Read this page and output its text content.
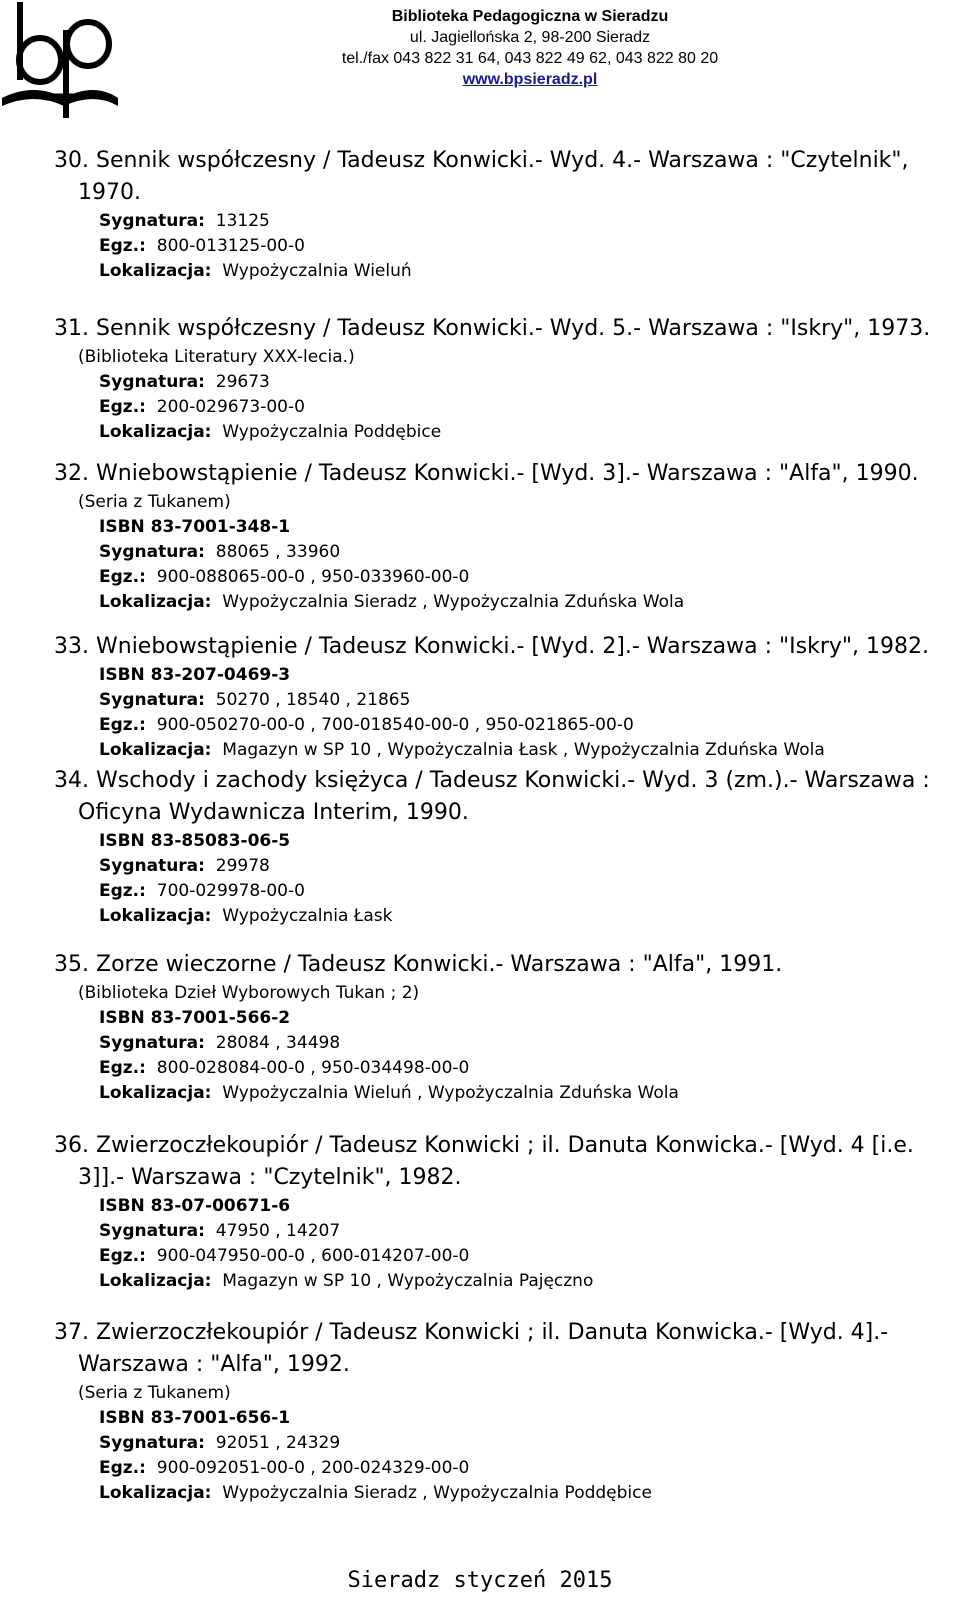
Biblioteka Pedagogiczna w Sieradzu
ul. Jagiellońska 2, 98-200 Sieradz
tel./fax 043 822 31 64, 043 822 49 62, 043 822 80 20
www.bpsieradz.pl
30. Sennik współczesny / Tadeusz Konwicki.- Wyd. 4.- Warszawa : "Czytelnik", 1970.
Sygnatura: 13125
Egz.: 800-013125-00-0
Lokalizacja: Wypożyczalnia Wieluń
31. Sennik współczesny / Tadeusz Konwicki.- Wyd. 5.- Warszawa : "Iskry", 1973.
(Biblioteka Literatury XXX-lecia.)
Sygnatura: 29673
Egz.: 200-029673-00-0
Lokalizacja: Wypożyczalnia Poddębice
32. Wniebowstąpienie / Tadeusz Konwicki.- [Wyd. 3].- Warszawa : "Alfa", 1990.
(Seria z Tukanem)
ISBN 83-7001-348-1
Sygnatura: 88065 , 33960
Egz.: 900-088065-00-0 , 950-033960-00-0
Lokalizacja: Wypożyczalnia Sieradz , Wypożyczalnia Zduńska Wola
33. Wniebowstąpienie / Tadeusz Konwicki.- [Wyd. 2].- Warszawa : "Iskry", 1982.
ISBN 83-207-0469-3
Sygnatura: 50270 , 18540 , 21865
Egz.: 900-050270-00-0 , 700-018540-00-0 , 950-021865-00-0
Lokalizacja: Magazyn w SP 10 , Wypożyczalnia Łask , Wypożyczalnia Zduńska Wola
34. Wschody i zachody księżyca / Tadeusz Konwicki.- Wyd. 3 (zm.).- Warszawa : Oficyna Wydawnicza Interim, 1990.
ISBN 83-85083-06-5
Sygnatura: 29978
Egz.: 700-029978-00-0
Lokalizacja: Wypożyczalnia Łask
35. Zorze wieczorne / Tadeusz Konwicki.- Warszawa : "Alfa", 1991.
(Biblioteka Dzieł Wyborowych Tukan ; 2)
ISBN 83-7001-566-2
Sygnatura: 28084 , 34498
Egz.: 800-028084-00-0 , 950-034498-00-0
Lokalizacja: Wypożyczalnia Wieluń , Wypożyczalnia Zduńska Wola
36. Zwierzoczłekoupiór / Tadeusz Konwicki ; il. Danuta Konwicka.- [Wyd. 4 [i.e. 3]].- Warszawa : "Czytelnik", 1982.
ISBN 83-07-00671-6
Sygnatura: 47950 , 14207
Egz.: 900-047950-00-0 , 600-014207-00-0
Lokalizacja: Magazyn w SP 10 , Wypożyczalnia Pajęczno
37. Zwierzoczłekoupiór / Tadeusz Konwicki ; il. Danuta Konwicka.- [Wyd. 4].- Warszawa : "Alfa", 1992.
(Seria z Tukanem)
ISBN 83-7001-656-1
Sygnatura: 92051 , 24329
Egz.: 900-092051-00-0 , 200-024329-00-0
Lokalizacja: Wypożyczalnia Sieradz , Wypożyczalnia Poddębice
Sieradz styczeń 2015
